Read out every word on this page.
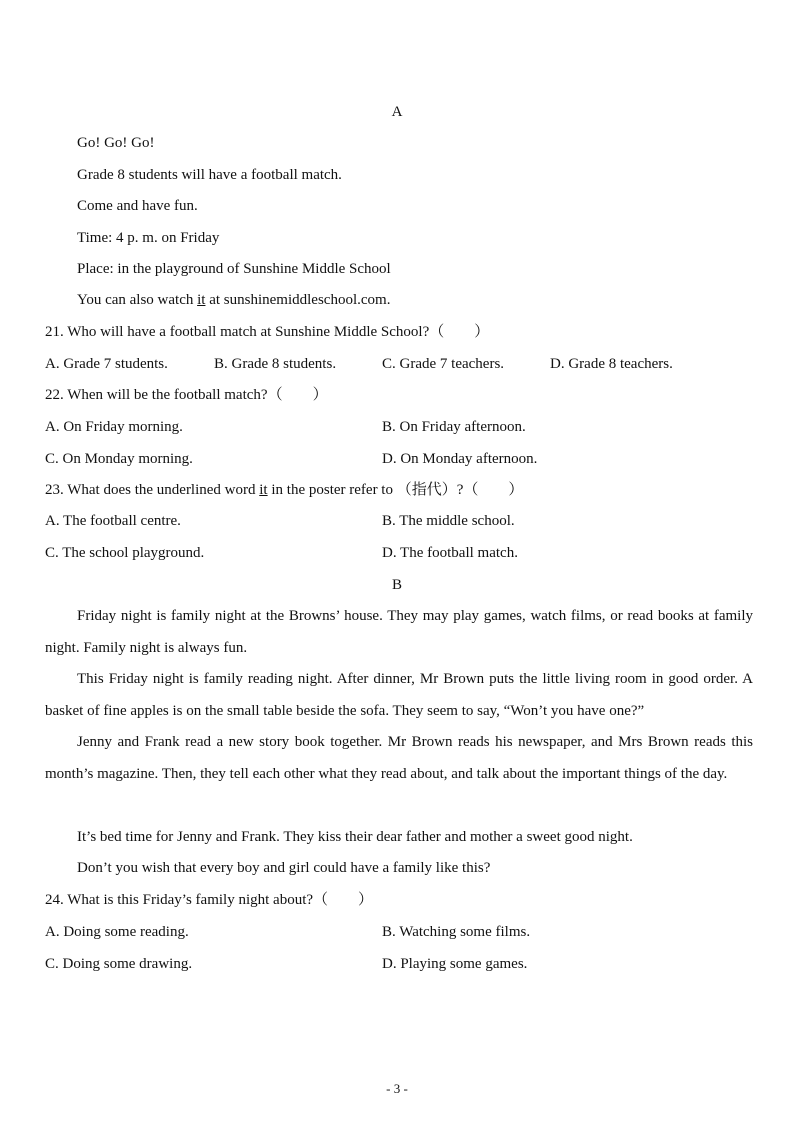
A
Go! Go! Go!
Grade 8 students will have a football match.
Come and have fun.
Time: 4 p. m. on Friday
Place: in the playground of Sunshine Middle School
You can also watch it at sunshinemiddleschool.com.
21. Who will have a football match at Sunshine Middle School?（　　）
A. Grade 7 students.	B. Grade 8 students.	C. Grade 7 teachers.	D. Grade 8 teachers.
22. When will be the football match?（　　）
A. On Friday morning.	B. On Friday afternoon.
C. On Monday morning.	D. On Monday afternoon.
23. What does the underlined word it in the poster refer to （指代）?（　　）
A. The football centre.	B. The middle school.
C. The school playground.	D. The football match.
B
Friday night is family night at the Browns’ house. They may play games, watch films, or read books at family night. Family night is always fun.
This Friday night is family reading night. After dinner, Mr Brown puts the little living room in good order. A basket of fine apples is on the small table beside the sofa. They seem to say, “Won’t you have one?”
Jenny and Frank read a new story book together. Mr Brown reads his newspaper, and Mrs Brown reads this month’s magazine. Then, they tell each other what they read about, and talk about the important things of the day.
It’s bed time for Jenny and Frank. They kiss their dear father and mother a sweet good night.
Don’t you wish that every boy and girl could have a family like this?
24. What is this Friday’s family night about?（　　）
A. Doing some reading.	B. Watching some films.
C. Doing some drawing.	D. Playing some games.
- 3 -
